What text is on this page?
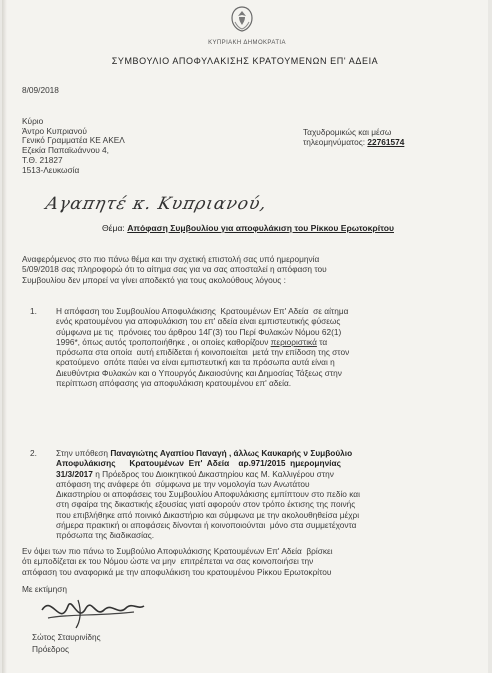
ΚΥΠΡΙΑΚΗ ΔΗΜΟΚΡΑΤΙΑ
ΣΥΜΒΟΥΛΙΟ ΑΠΟΦΥΛΑΚΙΣΗΣ ΚΡΑΤΟΥΜΕΝΩΝ ΕΠ' ΑΔΕΙΑ
8/09/2018
Κύριο
Άντρο Κυπριανού
Γενικό Γραμματέα ΚΕ ΑΚΕΛ
Εζεκία Παπαϊωάννου 4,
Τ.Θ. 21827
1513-Λευκωσία
Ταχυδρομικώς και μέσω
τηλεομηνύματος: 22761574
Αγαπητέ κ. Κυπριανού,
Θέμα: Απόφαση Συμβουλίου για αποφυλάκιση του Ρίκκου Ερωτοκρίτου
Αναφερόμενος στο πιο πάνω θέμα και την σχετική επιστολή σας υπό ημερομηνία
5/09/2018 σας πληροφορώ ότι το αίτημα σας για να σας αποσταλεί η απόφαση του
Συμβουλίου δεν μπορεί να γίνει αποδεκτό για τους ακολούθους λόγους :
1. Η απόφαση του Συμβουλίου Αποφυλάκισης  Κρατουμένων Επ' Αδεία  σε αίτημα
ενός κρατουμένου για αποφυλάκιση του επ' αδεία είναι εμπιστευτικής φύσεως
σύμφωνα με τις  πρόνοιες του άρθρου 14Γ(3) του Περί Φυλακών Νόμου 62(1)
1996*, όπως αυτός τροποποιήθηκε , οι οποίες καθορίζουν περιοριστικά τα
πρόσωπα στα οποία  αυτή επιδίδεται ή κοινοποιείται  μετά την επίδοση της στον
κρατούμενο  οπότε παύει να είναι εμπιστευτική και τα πρόσωπα αυτά είναι η
Διευθύντρια Φυλακών και ο Υπουργός Δικαιοσύνης και Δημοσίας Τάξεως στην
περίπτωση απόφασης για αποφυλάκιση κρατουμένου επ' αδεία.
2. Στην υπόθεση Παναγιώτης Αγαπίου Παναγή , άλλως Καυκαρής ν Συμβούλιο
Αποφυλάκισης      Κρατουμένων  Επ'  Αδεία    αρ.971/2015  ημερομηνίας
31/3/2017 η Πρόεδρος του Διοικητικού Δικαστηρίου κας Μ. Καλλιγέρου στην
απόφαση της ανάφερε ότι  σύμφωνα με την νομολογία των Ανωτάτου
Δικαστηρίου οι αποφάσεις του Συμβουλίου Αποφυλάκισης εμπίπτουν στο πεδίο και
στη σφαίρα της δικαστικής εξουσίας γιατί αφορούν στον τρόπο έκτισης της ποινής
που επιβλήθηκε από ποινικό Δικαστήριο και σύμφωνα με την ακολουθηθείσα μέχρι
σήμερα πρακτική οι αποφάσεις δίνονται ή κοινοποιούνται  μόνο στα συμμετέχοντα
πρόσωπα της διαδικασίας.
Εν όψει των πιο πάνω το Συμβούλιο Αποφυλάκισης Κρατουμένων Επ' Αδεία  βρίσκει
ότι εμποδίζεται εκ του Νόμου ώστε να μην  επιτρέπεται να σας κοινοποιήσει την
απόφαση του αναφορικά με την αποφυλάκιση του κρατουμένου Ρίκκου Ερωτοκρίτου
Με εκτίμηση
Σώτος Σταυρινίδης
Πρόεδρος
